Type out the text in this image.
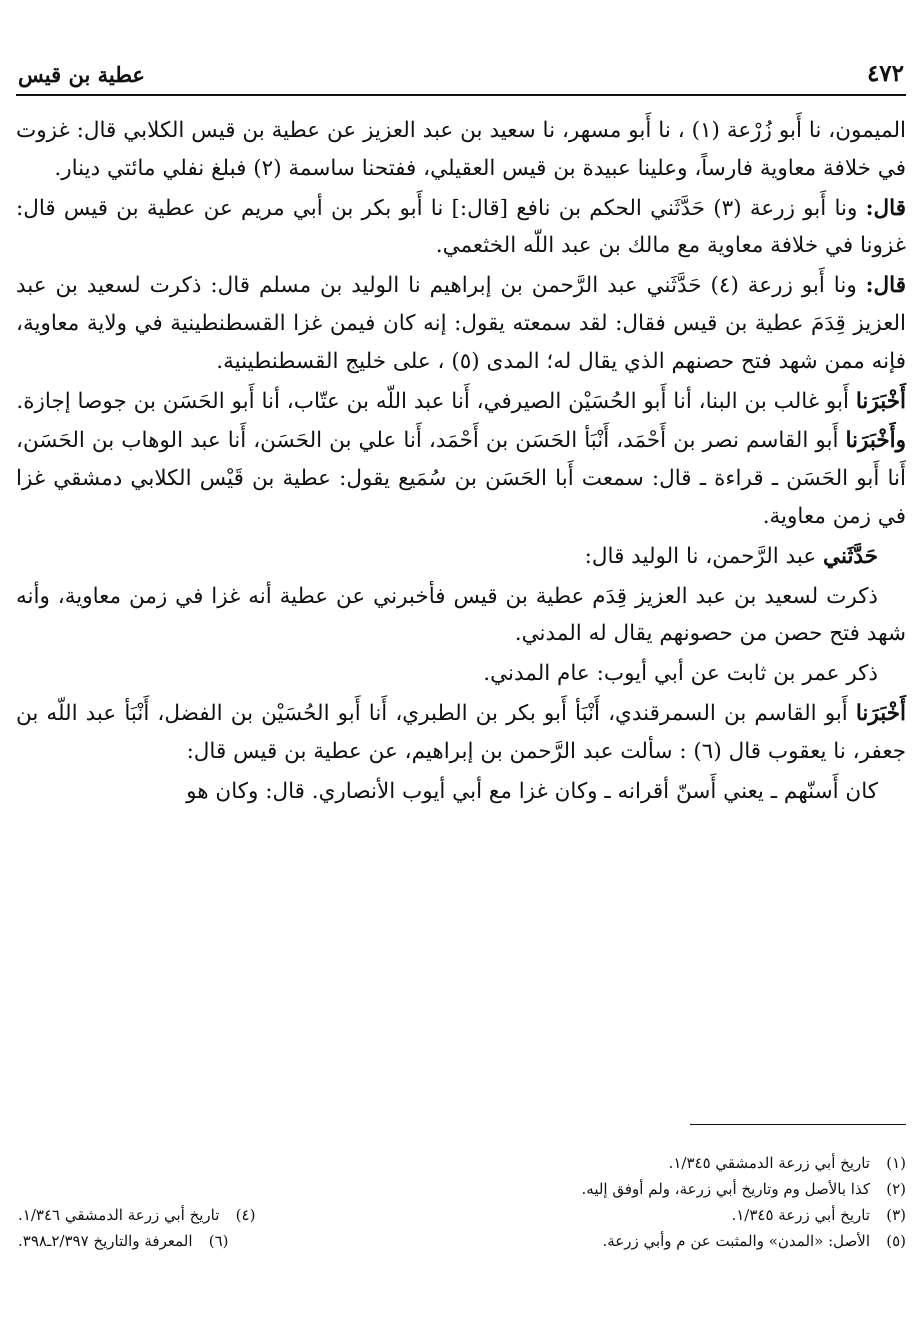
٤٧٢
عطية بن قيس

الميمون، نا أَبو زُرْعة (١) ، نا أَبو مسهر، نا سعيد بن عبد العزيز عن عطية بن قيس الكلابي قال: غزوت في خلافة معاوية فارساً، وعلينا عبيدة بن قيس العقيلي، ففتحنا ساسمة (٢) فبلغ نفلي مائتي دينار.

قال: ونا أَبو زرعة (٣) حَدَّثَني الحكم بن نافع [قال:] نا أَبو بكر بن أبي مريم عن عطية بن قيس قال: غزونا في خلافة معاوية مع مالك بن عبد اللّه الخثعمي.

قال: ونا أَبو زرعة (٤) حَدَّثَني عبد الرَّحمن بن إبراهيم نا الوليد بن مسلم قال: ذكرت لسعيد بن عبد العزيز قِدَمَ عطية بن قيس فقال: لقد سمعته يقول: إنه كان فيمن غزا القسطنطينية في ولاية معاوية، فإنه ممن شهد فتح حصنهم الذي يقال له؛ المدى (٥) ، على خليج القسطنطينية.

أَخْبَرَنا أَبو غالب بن البنا، أنا أَبو الحُسَيْن الصيرفي، أَنا عبد اللّه بن عتّاب، أنا أَبو الحَسَن بن جوصا إجازة.

وأَخْبَرَنا أَبو القاسم نصر بن أَحْمَد، أَنْبَأ الحَسَن بن أَحْمَد، أَنا علي بن الحَسَن، أَنا عبد الوهاب بن الحَسَن، أَنا أَبو الحَسَن ـ قراءة ـ قال: سمعت أَبا الحَسَن بن سُمَيع يقول: عطية بن قَيْس الكلابي دمشقي غزا في زمن معاوية.

حَدَّثَني عبد الرَّحمن، نا الوليد قال:

ذكرت لسعيد بن عبد العزيز قِدَم عطية بن قيس فأخبرني عن عطية أنه غزا في زمن معاوية، وأنه شهد فتح حصن من حصونهم يقال له المدني.

ذكر عمر بن ثابت عن أبي أيوب: عام المدني.

أَخْبَرَنا أَبو القاسم بن السمرقندي، أَنْبَأ أَبو بكر بن الطبري، أَنا أَبو الحُسَيْن بن الفضل، أَنْبَأ عبد اللّه بن جعفر، نا يعقوب قال (٦) : سألت عبد الرَّحمن بن إبراهيم، عن عطية بن قيس قال:

كان أَسنّهم ـ يعني أَسنّ أقرانه ـ وكان غزا مع أبي أيوب الأنصاري. قال: وكان هو

(١)تاريخ أبي زرعة الدمشقي ١/٣٤٥.
(٢)كذا بالأصل وم وتاريخ أبي زرعة، ولم أوفق إليه.
(٣)تاريخ أبي زرعة ١/٣٤٥.
(٤)تاريخ أبي زرعة الدمشقي ١/٣٤٦.
(٥)الأصل: «المدن» والمثبت عن م وأبي زرعة.
(٦)المعرفة والتاريخ ٢/٣٩٧ـ٣٩٨.
